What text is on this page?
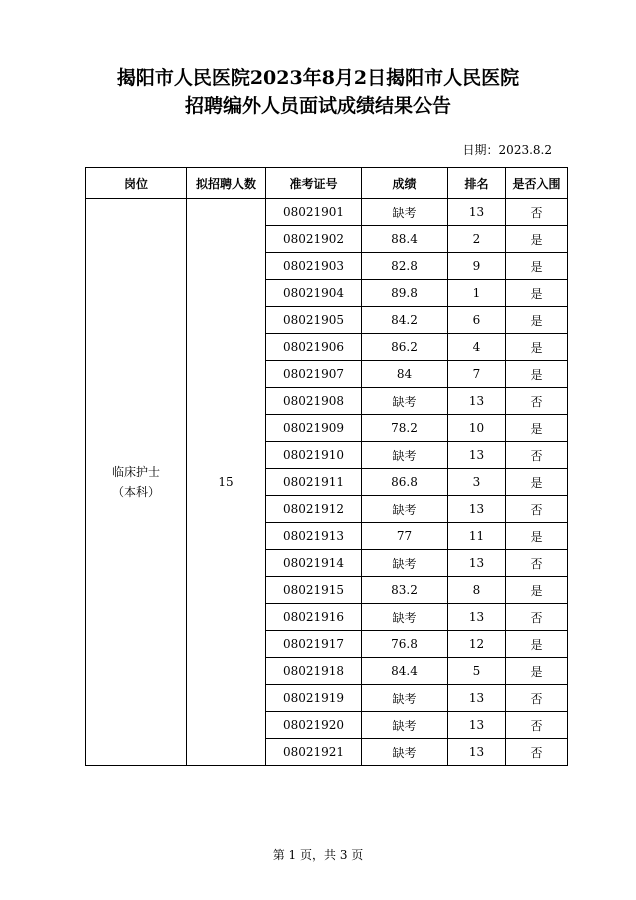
揭阳市人民医院2023年8月2日揭阳市人民医院
招聘编外人员面试成绩结果公告
日期：2023.8.2
岗位	拟招聘人数	准考证号	成绩	排名	是否入围

临床护士
（本科）	15	08021901	缺考	13	否
		08021902	88.4	2	是
		08021903	82.8	9	是
		08021904	89.8	1	是
		08021905	84.2	6	是
		08021906	86.2	4	是
		08021907	84	7	是
		08021908	缺考	13	否
		08021909	78.2	10	是
		08021910	缺考	13	否
		08021911	86.8	3	是
		08021912	缺考	13	否
		08021913	77	11	是
		08021914	缺考	13	否
		08021915	83.2	8	是
		08021916	缺考	13	否
		08021917	76.8	12	是
		08021918	84.4	5	是
		08021919	缺考	13	否
		08021920	缺考	13	否
		08021921	缺考	13	否
第 1 页，共 3 页
